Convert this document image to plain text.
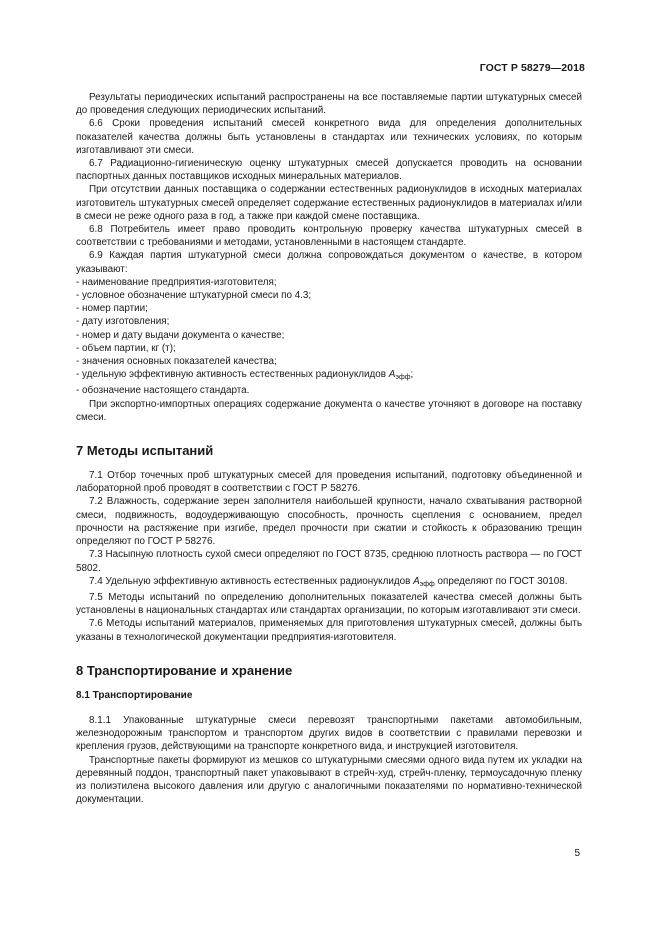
ГОСТ Р 58279—2018

Результаты периодических испытаний распространены на все поставляемые партии штукатурных смесей до проведения следующих периодических испытаний.

6.6 Сроки проведения испытаний смесей конкретного вида для определения дополнительных показателей качества должны быть установлены в стандартах или технических условиях, по которым изготавливают эти смеси.

6.7 Радиационно-гигиеническую оценку штукатурных смесей допускается проводить на основании паспортных данных поставщиков исходных минеральных материалов.

При отсутствии данных поставщика о содержании естественных радионуклидов в исходных материалах изготовитель штукатурных смесей определяет содержание естественных радионуклидов в материалах и/или в смеси не реже одного раза в год, а также при каждой смене поставщика.

6.8 Потребитель имеет право проводить контрольную проверку качества штукатурных смесей в соответствии с требованиями и методами, установленными в настоящем стандарте.

6.9 Каждая партия штукатурной смеси должна сопровождаться документом о качестве, в котором указывают:

- наименование предприятия-изготовителя;
- условное обозначение штукатурной смеси по 4.3;
- номер партии;
- дату изготовления;
- номер и дату выдачи документа о качестве;
- объем партии, кг (т);
- значения основных показателей качества;
- удельную эффективную активность естественных радионуклидов $A_{эфф}$;
- обозначение настоящего стандарта.

При экспортно-импортных операциях содержание документа о качестве уточняют в договоре на поставку смеси.

7 Методы испытаний

7.1 Отбор точечных проб штукатурных смесей для проведения испытаний, подготовку объединенной и лабораторной проб проводят в соответствии с ГОСТ Р 58276.

7.2 Влажность, содержание зерен заполнителя наибольшей крупности, начало схватывания растворной смеси, подвижность, водоудерживающую способность, прочность сцепления с основанием, предел прочности на растяжение при изгибе, предел прочности при сжатии и стойкость к образованию трещин определяют по ГОСТ Р 58276.

7.3 Насыпную плотность сухой смеси определяют по ГОСТ 8735, среднюю плотность раствора — по ГОСТ 5802.

7.4 Удельную эффективную активность естественных радионуклидов $A_{эфф}$ определяют по ГОСТ 30108.

7.5 Методы испытаний по определению дополнительных показателей качества смесей должны быть установлены в национальных стандартах или стандартах организации, по которым изготавливают эти смеси.

7.6 Методы испытаний материалов, применяемых для приготовления штукатурных смесей, должны быть указаны в технологической документации предприятия-изготовителя.

8 Транспортирование и хранение
8.1 Транспортирование

8.1.1 Упакованные штукатурные смеси перевозят транспортными пакетами автомобильным, железнодорожным транспортом и транспортом других видов в соответствии с правилами перевозки и крепления грузов, действующими на транспорте конкретного вида, и инструкцией изготовителя.

Транспортные пакеты формируют из мешков со штукатурными смесями одного вида путем их укладки на деревянный поддон, транспортный пакет упаковывают в стрейч-худ, стрейч-пленку, термоусадочную пленку из полиэтилена высокого давления или другую с аналогичными показателями по нормативно-технической документации.

5
